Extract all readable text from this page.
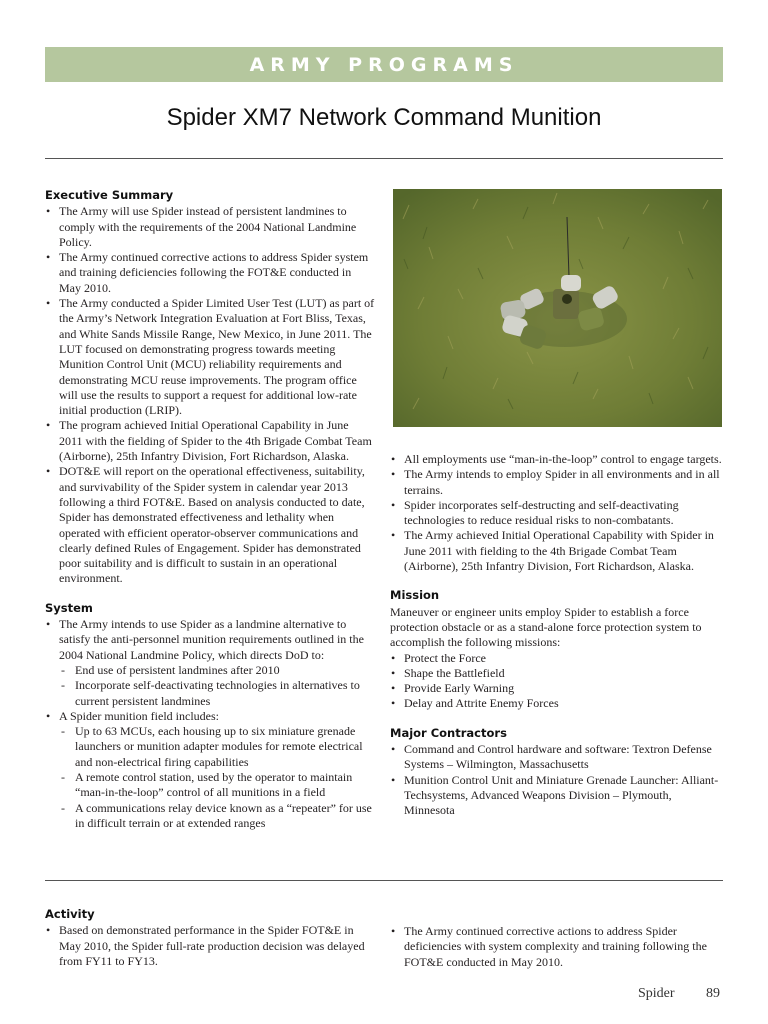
ARMY PROGRAMS
Spider XM7 Network Command Munition
Executive Summary
• The Army will use Spider instead of persistent landmines to comply with the requirements of the 2004 National Landmine Policy.
• The Army continued corrective actions to address Spider system and training deficiencies following the FOT&E conducted in May 2010.
• The Army conducted a Spider Limited User Test (LUT) as part of the Army’s Network Integration Evaluation at Fort Bliss, Texas, and White Sands Missile Range, New Mexico, in June 2011. The LUT focused on demonstrating progress towards meeting Munition Control Unit (MCU) reliability requirements and demonstrating MCU reuse improvements. The program office will use the results to support a request for additional low-rate initial production (LRIP).
• The program achieved Initial Operational Capability in June 2011 with the fielding of Spider to the 4th Brigade Combat Team (Airborne), 25th Infantry Division, Fort Richardson, Alaska.
• DOT&E will report on the operational effectiveness, suitability, and survivability of the Spider system in calendar year 2013 following a third FOT&E. Based on analysis conducted to date, Spider has demonstrated effectiveness and lethality when operated with efficient operator-observer communications and clearly defined Rules of Engagement. Spider has demonstrated poor suitability and is difficult to sustain in an operational environment.
System
• The Army intends to use Spider as a landmine alternative to satisfy the anti-personnel munition requirements outlined in the 2004 National Landmine Policy, which directs DoD to:
- End use of persistent landmines after 2010
- Incorporate self-deactivating technologies in alternatives to current persistent landmines
• A Spider munition field includes:
- Up to 63 MCUs, each housing up to six miniature grenade launchers or munition adapter modules for remote electrical and non-electrical firing capabilities
- A remote control station, used by the operator to maintain “man-in-the-loop” control of all munitions in a field
- A communications relay device known as a “repeater” for use in difficult terrain or at extended ranges
• All employments use “man-in-the-loop” control to engage targets.
• The Army intends to employ Spider in all environments and in all terrains.
• Spider incorporates self-destructing and self-deactivating technologies to reduce residual risks to non-combatants.
• The Army achieved Initial Operational Capability with Spider in June 2011 with fielding to the 4th Brigade Combat Team (Airborne), 25th Infantry Division, Fort Richardson, Alaska.
Mission

Maneuver or engineer units employ Spider to establish a force protection obstacle or as a stand-alone force protection system to accomplish the following missions:

• Protect the Force
• Shape the Battlefield
• Provide Early Warning
• Delay and Attrite Enemy Forces
Major Contractors
• Command and Control hardware and software: Textron Defense Systems – Wilmington, Massachusetts
• Munition Control Unit and Miniature Grenade Launcher: Alliant-Techsystems, Advanced Weapons Division – Plymouth, Minnesota
Activity
• Based on demonstrated performance in the Spider FOT&E in May 2010, the Spider full-rate production decision was delayed from FY11 to FY13.
• The Army continued corrective actions to address Spider deficiencies with system complexity and training following the FOT&E conducted in May 2010.
Spider 89
